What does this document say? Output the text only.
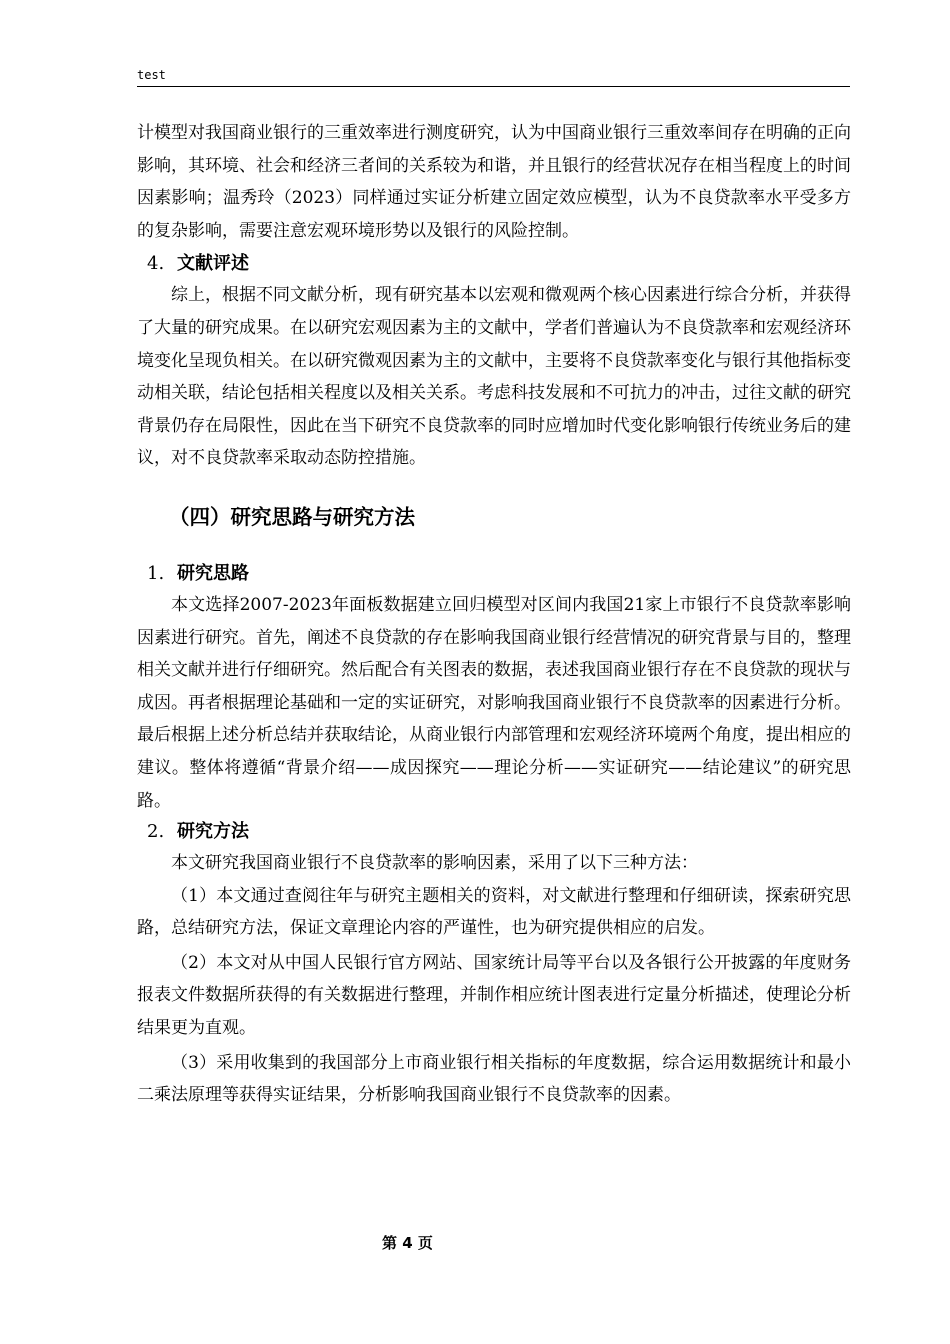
test

计模型对我国商业银行的三重效率进行测度研究，认为中国商业银行三重效率间存在明确的正向影响，其环境、社会和经济三者间的关系较为和谐，并且银行的经营状况存在相当程度上的时间因素影响；温秀玲（2023）同样通过实证分析建立固定效应模型，认为不良贷款率水平受多方的复杂影响，需要注意宏观环境形势以及银行的风险控制。

4. 文献评述

综上，根据不同文献分析，现有研究基本以宏观和微观两个核心因素进行综合分析，并获得了大量的研究成果。在以研究宏观因素为主的文献中，学者们普遍认为不良贷款率和宏观经济环境变化呈现负相关。在以研究微观因素为主的文献中，主要将不良贷款率变化与银行其他指标变动相关联，结论包括相关程度以及相关关系。考虑科技发展和不可抗力的冲击，过往文献的研究背景仍存在局限性，因此在当下研究不良贷款率的同时应增加时代变化影响银行传统业务后的建议，对不良贷款率采取动态防控措施。

（四）研究思路与研究方法
1. 研究思路

本文选择2007-2023年面板数据建立回归模型对区间内我国21家上市银行不良贷款率影响因素进行研究。首先，阐述不良贷款的存在影响我国商业银行经营情况的研究背景与目的，整理相关文献并进行仔细研究。然后配合有关图表的数据，表述我国商业银行存在不良贷款的现状与成因。再者根据理论基础和一定的实证研究，对影响我国商业银行不良贷款率的因素进行分析。最后根据上述分析总结并获取结论，从商业银行内部管理和宏观经济环境两个角度，提出相应的建议。整体将遵循“背景介绍——成因探究——理论分析——实证研究——结论建议”的研究思路。

2. 研究方法

本文研究我国商业银行不良贷款率的影响因素，采用了以下三种方法：

（1）本文通过查阅往年与研究主题相关的资料，对文献进行整理和仔细研读，探索研究思路，总结研究方法，保证文章理论内容的严谨性，也为研究提供相应的启发。

（2）本文对从中国人民银行官方网站、国家统计局等平台以及各银行公开披露的年度财务报表文件数据所获得的有关数据进行整理，并制作相应统计图表进行定量分析描述，使理论分析结果更为直观。

（3）采用收集到的我国部分上市商业银行相关指标的年度数据，综合运用数据统计和最小二乘法原理等获得实证结果，分析影响我国商业银行不良贷款率的因素。

第 4 页
